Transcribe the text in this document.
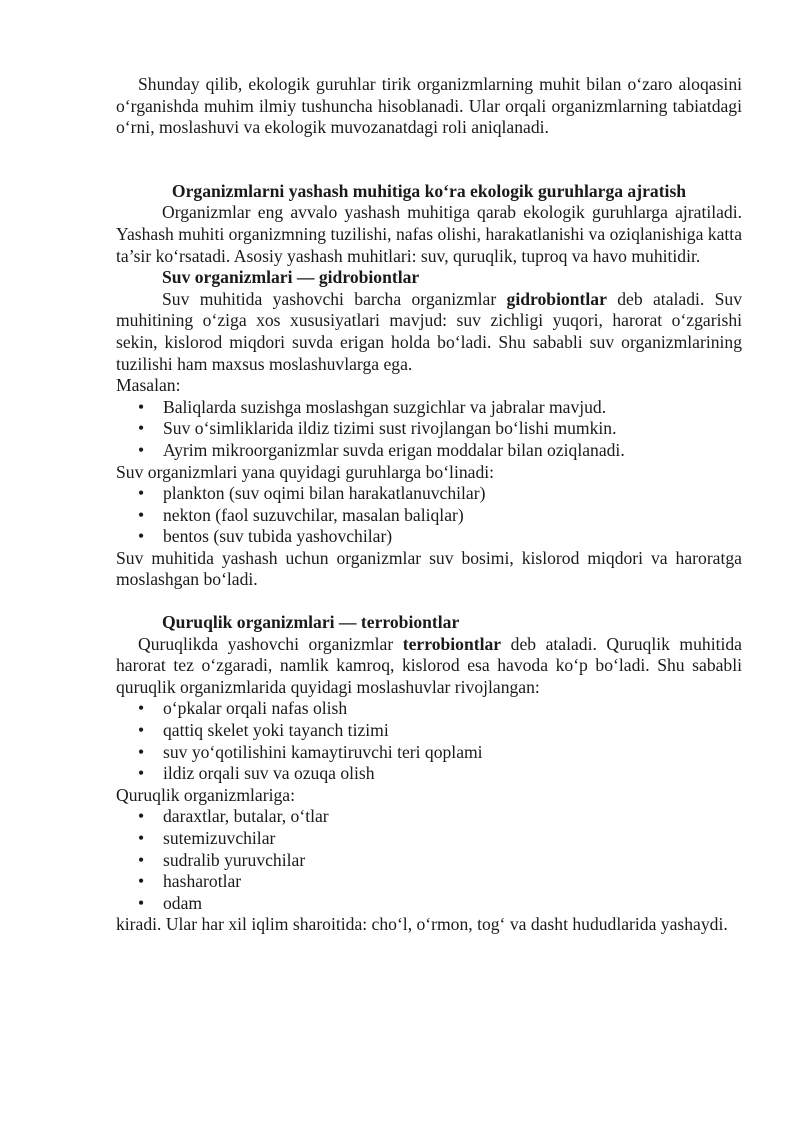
Shunday qilib, ekologik guruhlar tirik organizmlarning muhit bilan o‘zaro aloqasini o‘rganishda muhim ilmiy tushuncha hisoblanadi. Ular orqali organizmlarning tabiatdagi o‘rni, moslashuvi va ekologik muvozanatdagi roli aniqlanadi.

Organizmlarni yashash muhitiga ko‘ra ekologik guruhlarga ajratish

Organizmlar eng avvalo yashash muhitiga qarab ekologik guruhlarga ajratiladi. Yashash muhiti organizmning tuzilishi, nafas olishi, harakatlanishi va oziqlanishiga katta ta’sir ko‘rsatadi. Asosiy yashash muhitlari: suv, quruqlik, tuproq va havo muhitidir.

Suv organizmlari — gidrobiontlar

Suv muhitida yashovchi barcha organizmlar gidrobiontlar deb ataladi. Suv muhitining o‘ziga xos xususiyatlari mavjud: suv zichligi yuqori, harorat o‘zgarishi sekin, kislorod miqdori suvda erigan holda bo‘ladi. Shu sababli suv organizmlarining tuzilishi ham maxsus moslashuvlarga ega.

Masalan:

• Baliqlarda suzishga moslashgan suzgichlar va jabralar mavjud.
• Suv o‘simliklarida ildiz tizimi sust rivojlangan bo‘lishi mumkin.
• Ayrim mikroorganizmlar suvda erigan moddalar bilan oziqlanadi.

Suv organizmlari yana quyidagi guruhlarga bo‘linadi:

• plankton (suv oqimi bilan harakatlanuvchilar)
• nekton (faol suzuvchilar, masalan baliqlar)
• bentos (suv tubida yashovchilar)

Suv muhitida yashash uchun organizmlar suv bosimi, kislorod miqdori va haroratga moslashgan bo‘ladi.

Quruqlik organizmlari — terrobiontlar

Quruqlikda yashovchi organizmlar terrobiontlar deb ataladi. Quruqlik muhitida harorat tez o‘zgaradi, namlik kamroq, kislorod esa havoda ko‘p bo‘ladi. Shu sababli quruqlik organizmlarida quyidagi moslashuvlar rivojlangan:

• o‘pkalar orqali nafas olish
• qattiq skelet yoki tayanch tizimi
• suv yo‘qotilishini kamaytiruvchi teri qoplami
• ildiz orqali suv va ozuqa olish

Quruqlik organizmlariga:

• daraxtlar, butalar, o‘tlar
• sutemizuvchilar
• sudralib yuruvchilar
• hasharotlar
• odam

kiradi. Ular har xil iqlim sharoitida: cho‘l, o‘rmon, tog‘ va dasht hududlarida yashaydi.
